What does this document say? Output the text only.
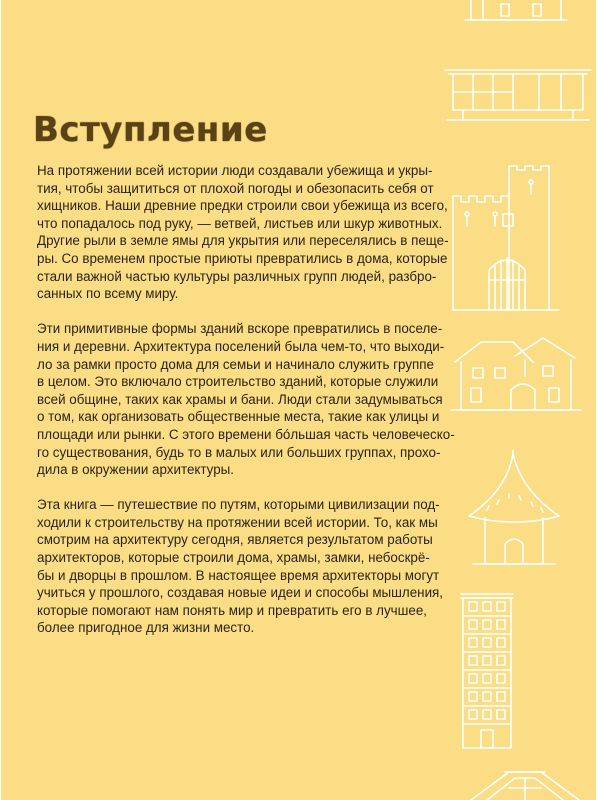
Вступление

На протяжении всей истории люди создавали убежища и укры-
тия, чтобы защититься от плохой погоды и обезопасить себя от
хищников. Наши древние предки строили свои убежища из всего,
что попадалось под руку, — ветвей, листьев или шкур животных.
Другие рыли в земле ямы для укрытия или переселялись в пеще-
ры. Со временем простые приюты превратились в дома, которые
стали важной частью культуры различных групп людей, разбро-
санных по всему миру.

Эти примитивные формы зданий вскоре превратились в поселе-
ния и деревни. Архитектура поселений была чем-то, что выходи-
ло за рамки просто дома для семьи и начинало служить группе
в целом. Это включало строительство зданий, которые служили
всей общине, таких как храмы и бани. Люди стали задумываться
о том, как организовать общественные места, такие как улицы и
площади или рынки. С этого времени бóльшая часть человеческо-
го существования, будь то в малых или больших группах, прохо-
дила в окружении архитектуры.

Эта книга — путешествие по путям, которыми цивилизации под-
ходили к строительству на протяжении всей истории. То, как мы
смотрим на архитектуру сегодня, является результатом работы
архитекторов, которые строили дома, храмы, замки, небоскрё-
бы и дворцы в прошлом. В настоящее время архитекторы могут
учиться у прошлого, создавая новые идеи и способы мышления,
которые помогают нам понять мир и превратить его в лучшее,
более пригодное для жизни место.
